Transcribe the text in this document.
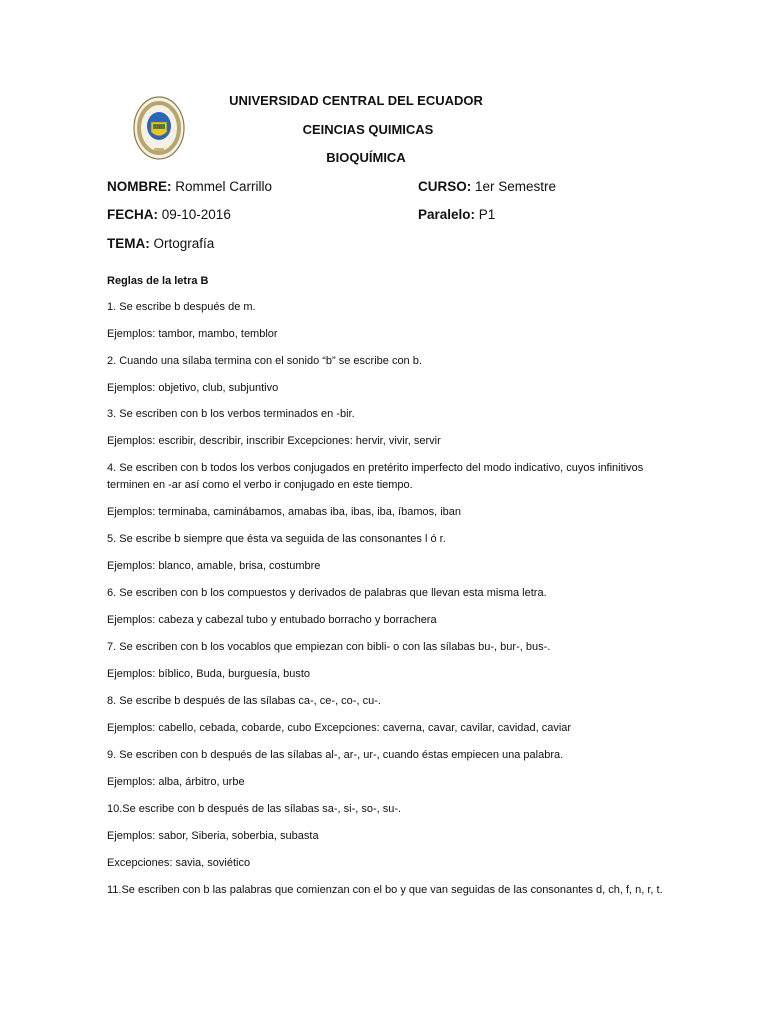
UNIVERSIDAD CENTRAL DEL ECUADOR
CEINCIAS QUIMICAS
BIOQUÍMICA
NOMBRE: Rommel Carrillo	CURSO: 1er Semestre
FECHA: 09-10-2016	Paralelo: P1
TEMA: Ortografía

Reglas de la letra B

1. Se escribe b después de m.

Ejemplos: tambor, mambo, temblor

2. Cuando una sílaba termina con el sonido “b” se escribe con b.

Ejemplos: objetivo, club, subjuntivo

3. Se escriben con b los verbos terminados en -bir.

Ejemplos: escribir, describir, inscribir Excepciones: hervir, vivir, servir

4. Se escriben con b todos los verbos conjugados en pretérito imperfecto del modo indicativo, cuyos infinitivos terminen en -ar así como el verbo ir conjugado en este tiempo.

Ejemplos: terminaba, caminábamos, amabas iba, ibas, iba, íbamos, iban

5. Se escribe b siempre que ésta va seguida de las consonantes l ó r.

Ejemplos: blanco, amable, brisa, costumbre

6. Se escriben con b los compuestos y derivados de palabras que llevan esta misma letra.

Ejemplos: cabeza y cabezal tubo y entubado borracho y borrachera

7. Se escriben con b los vocablos que empiezan con bibli- o con las sílabas bu-, bur-, bus-.

Ejemplos: bíblico, Buda, burguesía, busto

8. Se escribe b después de las sílabas ca-, ce-, co-, cu-.

Ejemplos: cabello, cebada, cobarde, cubo Excepciones: caverna, cavar, cavilar, cavidad, caviar

9. Se escriben con b después de las sílabas al-, ar-, ur-, cuando éstas empiecen una palabra.

Ejemplos: alba, árbitro, urbe

10.Se escribe con b después de las sílabas sa-, si-, so-, su-.

Ejemplos: sabor, Siberia, soberbia, subasta

Excepciones: savia, soviético

11.Se escriben con b las palabras que comienzan con el bo y que van seguidas de las consonantes d, ch, f, n, r, t.
